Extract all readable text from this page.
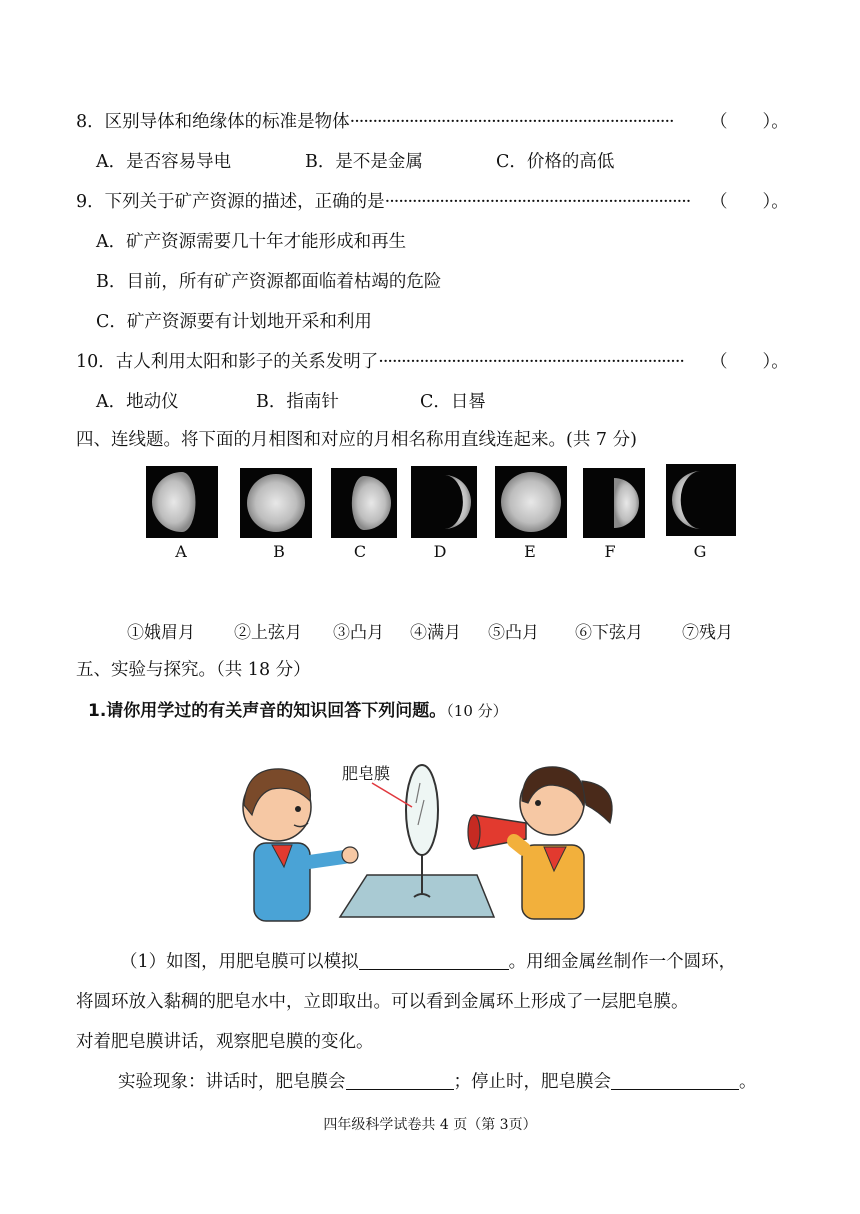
8．区别导体和绝缘体的标准是物体······································································· （　　）。
A．是否容易导电	B．是不是金属	C．价格的高低
9．下列关于矿产资源的描述，正确的是··································································· （　　）。
A．矿产资源需要几十年才能形成和再生
B．目前，所有矿产资源都面临着枯竭的危险
C．矿产资源要有计划地开采和利用
10．古人利用太阳和影子的关系发明了··································································· （　　）。
A．地动仪	B．指南针	C．日晷
四、连线题。将下面的月相图和对应的月相名称用直线连起来。(共 7 分)
A	B	C	D	E	F	G
①娥眉月 ②上弦月 ③凸月 ④满月 ⑤凸月 ⑥下弦月 ⑦残月
五、实验与探究。（共 18 分）
1.请你用学过的有关声音的知识回答下列问题。（10 分）
肥皂膜
（1）如图，用肥皂膜可以模拟	。用细金属丝制作一个圆环，
将圆环放入黏稠的肥皂水中，立即取出。可以看到金属环上形成了一层肥皂膜。
对着肥皂膜讲话，观察肥皂膜的变化。
实验现象：讲话时，肥皂膜会	；停止时，肥皂膜会	。
四年级科学试卷共 4 页（第 3页）
